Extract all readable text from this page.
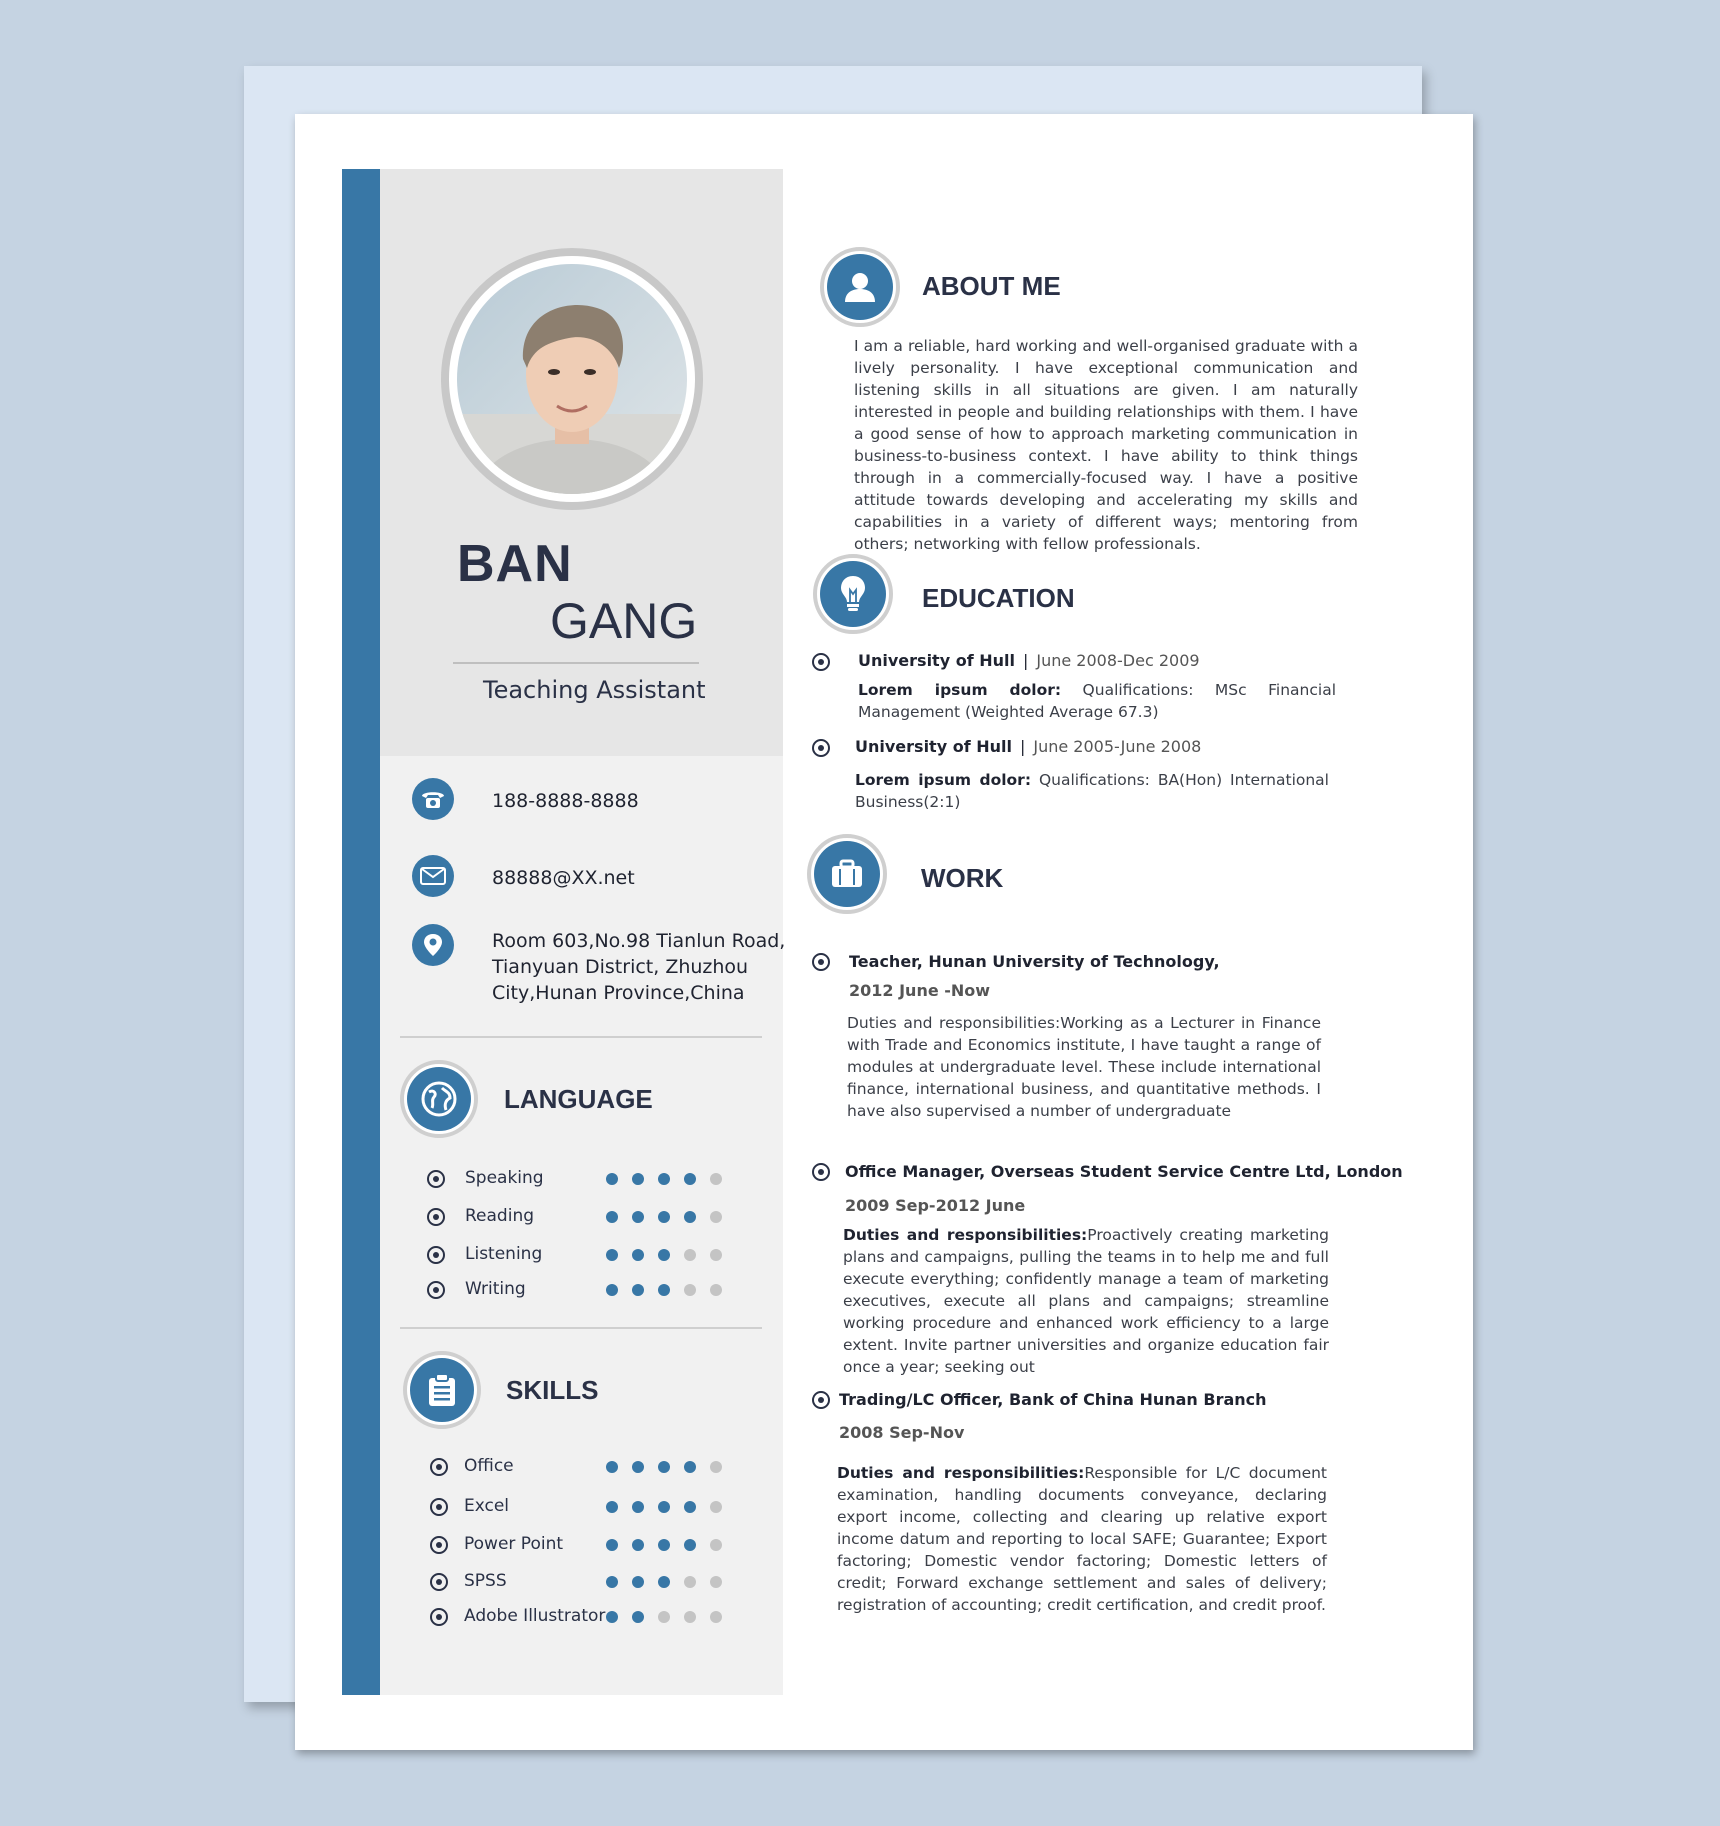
BAN
GANG
Teaching Assistant
188-8888-8888
88888@XX.net
Room 603,No.98 Tianlun Road,
Tianyuan District, Zhuzhou
City,Hunan Province,China
LANGUAGE
Speaking
Reading
Listening
Writing
SKILLS
Office
Excel
Power Point
SPSS
Adobe Illustrator
ABOUT ME
I am a reliable, hard working and well-organised graduate with a lively personality. I have exceptional communication and listening skills in all situations are given. I am naturally interested in people and building relationships with them. I have a good sense of how to approach marketing communication in business-to-business context. I have ability to think things through in a commercially-focused way. I have a positive attitude towards developing and accelerating my skills and capabilities in a variety of different ways; mentoring from others; networking with fellow professionals.
EDUCATION
University of Hull | June 2008-Dec 2009
Lorem ipsum dolor: Qualifications: MSc Financial Management (Weighted Average 67.3)
University of Hull | June 2005-June 2008
Lorem ipsum dolor: Qualifications: BA(Hon) International Business(2:1)
WORK
Teacher, Hunan University of Technology,
2012 June -Now
Duties and responsibilities:Working as a Lecturer in Finance with Trade and Economics institute, I have taught a range of modules at undergraduate level. These include international finance, international business, and quantitative methods. I have also supervised a number of undergraduate
Office Manager, Overseas Student Service Centre Ltd, London
2009 Sep-2012 June
Duties and responsibilities:Proactively creating marketing plans and campaigns, pulling the teams in to help me and full execute everything; confidently manage a team of marketing executives, execute all plans and campaigns; streamline working procedure and enhanced work efficiency to a large extent. Invite partner universities and organize education fair once a year; seeking out
Trading/LC Officer, Bank of China Hunan Branch
2008 Sep-Nov
Duties and responsibilities:Responsible for L/C document examination, handling documents conveyance, declaring export income, collecting and clearing up relative export income datum and reporting to local SAFE; Guarantee; Export factoring; Domestic vendor factoring; Domestic letters of credit; Forward exchange settlement and sales of delivery; registration of accounting; credit certification, and credit proof.
